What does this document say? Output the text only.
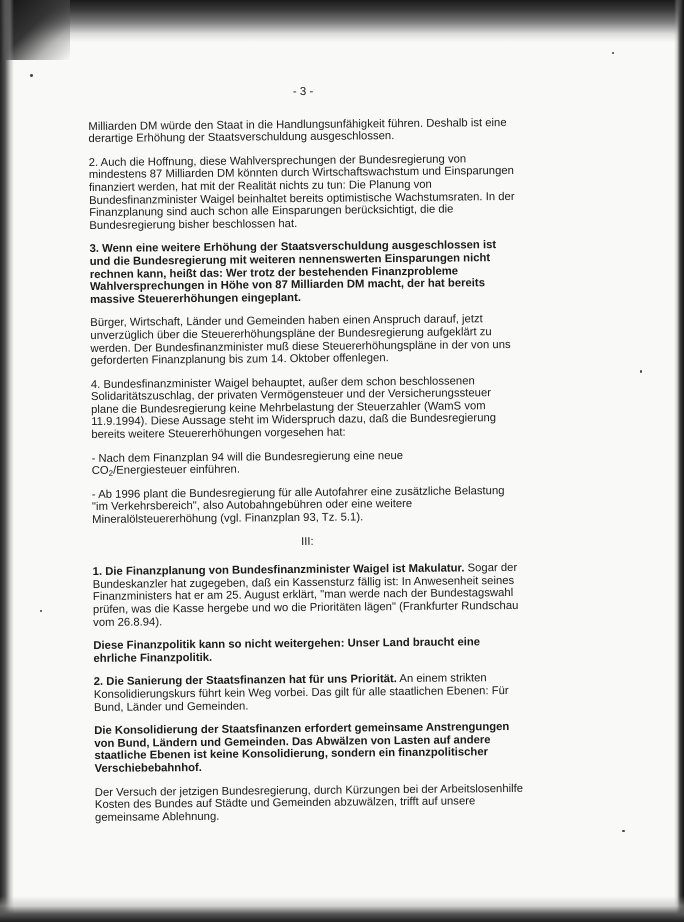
- 3 -

Milliarden DM würde den Staat in die Handlungsunfähigkeit führen. Deshalb ist eine derartige Erhöhung der Staatsverschuldung ausgeschlossen.

2. Auch die Hoffnung, diese Wahlversprechungen der Bundesregierung von mindestens 87 Milliarden DM könnten durch Wirtschaftswachstum und Einsparungen finanziert werden, hat mit der Realität nichts zu tun: Die Planung von Bundesfinanzminister Waigel beinhaltet bereits optimistische Wachstumsraten. In der Finanzplanung sind auch schon alle Einsparungen berücksichtigt, die die Bundesregierung bisher beschlossen hat.

3. Wenn eine weitere Erhöhung der Staatsverschuldung ausgeschlossen ist und die Bundesregierung mit weiteren nennenswerten Einsparungen nicht rechnen kann, heißt das: Wer trotz der bestehenden Finanzprobleme Wahlversprechungen in Höhe von 87 Milliarden DM macht, der hat bereits massive Steuererhöhungen eingeplant.

Bürger, Wirtschaft, Länder und Gemeinden haben einen Anspruch darauf, jetzt unverzüglich über die Steuererhöhungspläne der Bundesregierung aufgeklärt zu werden. Der Bundesfinanzminister muß diese Steuererhöhungspläne in der von uns geforderten Finanzplanung bis zum 14. Oktober offenlegen.

4. Bundesfinanzminister Waigel behauptet, außer dem schon beschlossenen Solidaritätszuschlag, der privaten Vermögensteuer und der Versicherungssteuer plane die Bundesregierung keine Mehrbelastung der Steuerzahler (WamS vom 11.9.1994). Diese Aussage steht im Widerspruch dazu, daß die Bundesregierung bereits weitere Steuererhöhungen vorgesehen hat:

- Nach dem Finanzplan 94 will die Bundesregierung eine neue
$CO_2$/Energiesteuer einführen.

- Ab 1996 plant die Bundesregierung für alle Autofahrer eine zusätzliche Belastung "im Verkehrsbereich", also Autobahngebühren oder eine weitere Mineralölsteuererhöhung (vgl. Finanzplan 93, Tz. 5.1).

III:

1. Die Finanzplanung von Bundesfinanzminister Waigel ist Makulatur. Sogar der Bundeskanzler hat zugegeben, daß ein Kassensturz fällig ist: In Anwesenheit seines Finanzministers hat er am 25. August erklärt, "man werde nach der Bundestagswahl prüfen, was die Kasse hergebe und wo die Prioritäten lägen" (Frankfurter Rundschau vom 26.8.94).

Diese Finanzpolitik kann so nicht weitergehen: Unser Land braucht eine ehrliche Finanzpolitik.

2. Die Sanierung der Staatsfinanzen hat für uns Priorität. An einem strikten Konsolidierungskurs führt kein Weg vorbei. Das gilt für alle staatlichen Ebenen: Für Bund, Länder und Gemeinden.

Die Konsolidierung der Staatsfinanzen erfordert gemeinsame Anstrengungen von Bund, Ländern und Gemeinden. Das Abwälzen von Lasten auf andere staatliche Ebenen ist keine Konsolidierung, sondern ein finanzpolitischer Verschiebebahnhof.

Der Versuch der jetzigen Bundesregierung, durch Kürzungen bei der Arbeitslosenhilfe Kosten des Bundes auf Städte und Gemeinden abzuwälzen, trifft auf unsere gemeinsame Ablehnung.
